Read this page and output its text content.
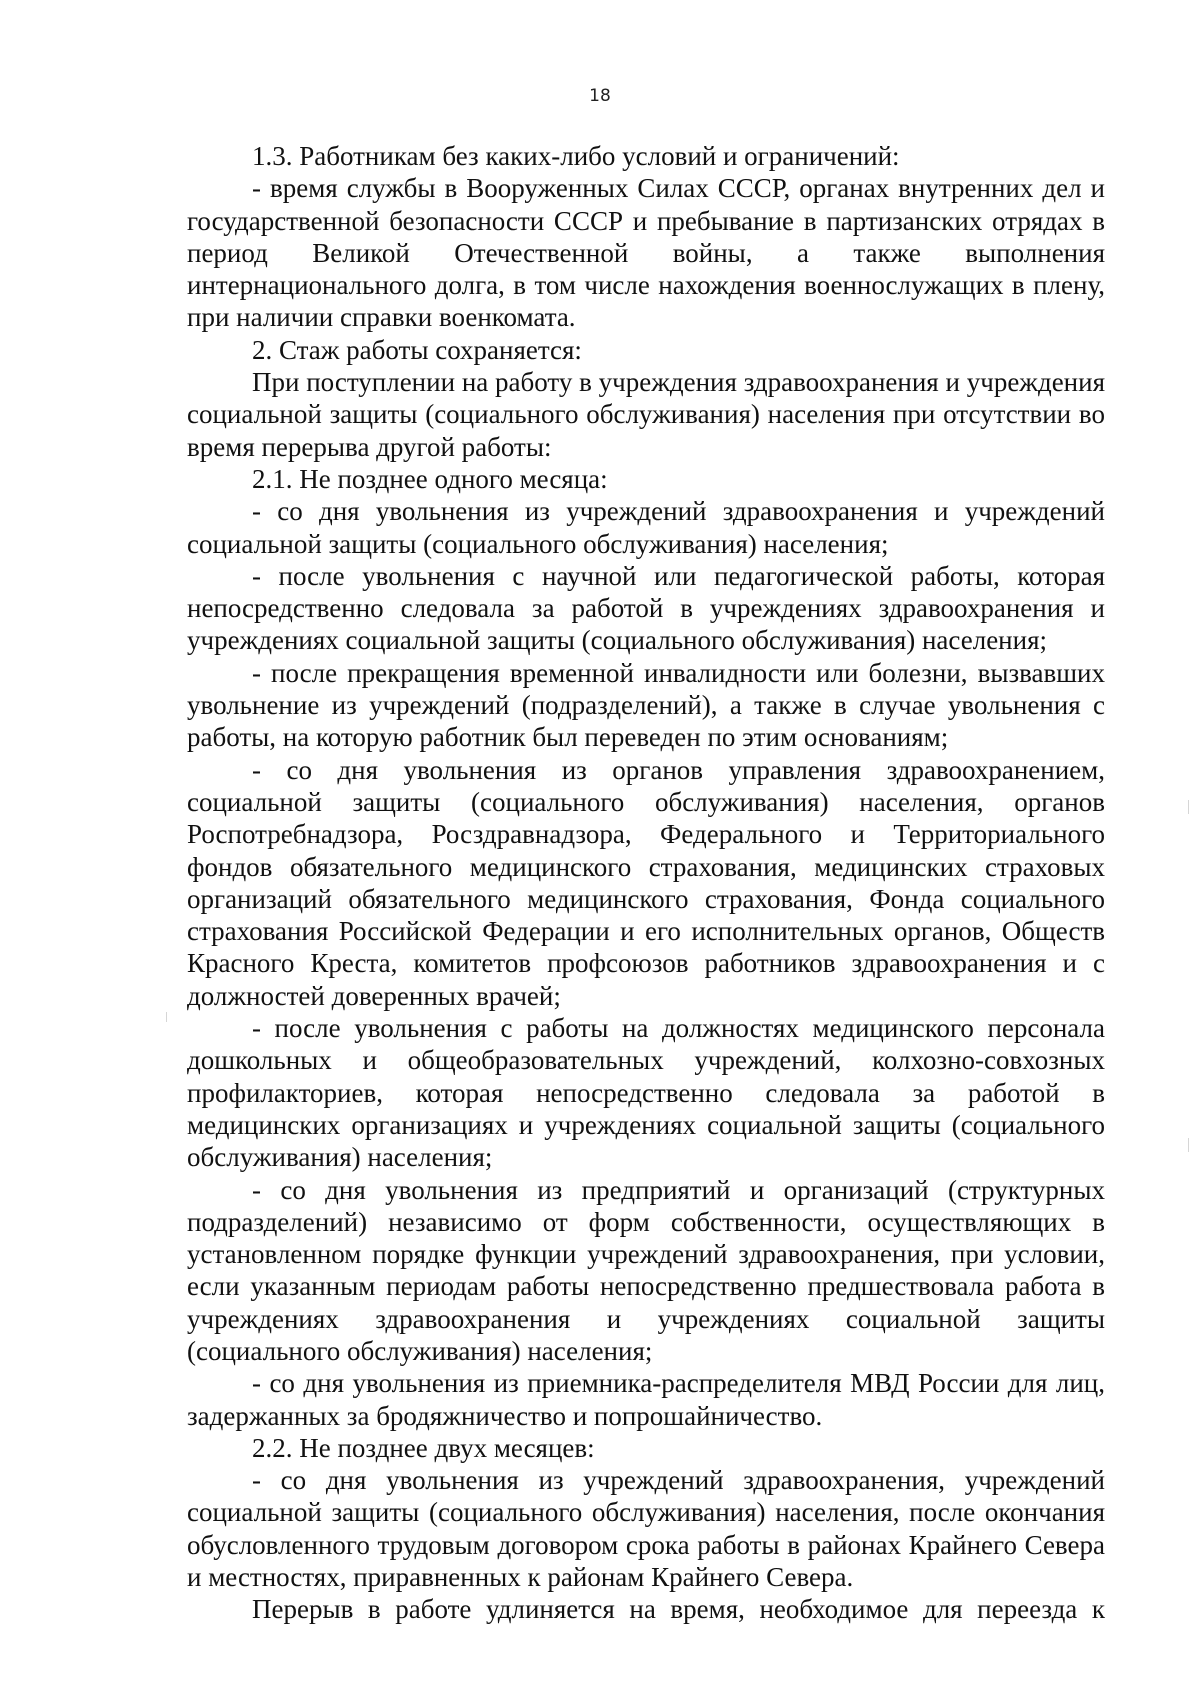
18

1.3. Работникам без каких-либо условий и ограничений:

- время службы в Вооруженных Силах СССР, органах внутренних дел и государственной безопасности СССР и пребывание в партизанских отрядах в период Великой Отечественной войны, а также выполнения интернационального долга, в том числе нахождения военнослужащих в плену, при наличии справки военкомата.

2. Стаж работы сохраняется:

При поступлении на работу в учреждения здравоохранения и учреждения социальной защиты (социального обслуживания) населения при отсутствии во время перерыва другой работы:

2.1. Не позднее одного месяца:

- со дня увольнения из учреждений здравоохранения и учреждений социальной защиты (социального обслуживания) населения;

- после увольнения с научной или педагогической работы, которая непосредственно следовала за работой в учреждениях здравоохранения и учреждениях социальной защиты (социального обслуживания) населения;

- после прекращения временной инвалидности или болезни, вызвавших увольнение из учреждений (подразделений), а также в случае увольнения с работы, на которую работник был переведен по этим основаниям;

- со дня увольнения из органов управления здравоохранением, социальной защиты (социального обслуживания) населения, органов Роспотребнадзора, Росздравнадзора, Федерального и Территориального фондов обязательного медицинского страхования, медицинских страховых организаций обязательного медицинского страхования, Фонда социального страхования Российской Федерации и его исполнительных органов, Обществ Красного Креста, комитетов профсоюзов работников здравоохранения и с должностей доверенных врачей;

- после увольнения с работы на должностях медицинского персонала дошкольных и общеобразовательных учреждений, колхозно-совхозных профилакториев, которая непосредственно следовала за работой в медицинских организациях и учреждениях социальной защиты (социального обслуживания) населения;

- со дня увольнения из предприятий и организаций (структурных подразделений) независимо от форм собственности, осуществляющих в установленном порядке функции учреждений здравоохранения, при условии, если указанным периодам работы непосредственно предшествовала работа в учреждениях здравоохранения и учреждениях социальной защиты (социального обслуживания) населения;

- со дня увольнения из приемника-распределителя МВД России для лиц, задержанных за бродяжничество и попрошайничество.

2.2. Не позднее двух месяцев:

- со дня увольнения из учреждений здравоохранения, учреждений социальной защиты (социального обслуживания) населения, после окончания обусловленного трудовым договором срока работы в районах Крайнего Севера и местностях, приравненных к районам Крайнего Севера.

Перерыв в работе удлиняется на время, необходимое для переезда к
